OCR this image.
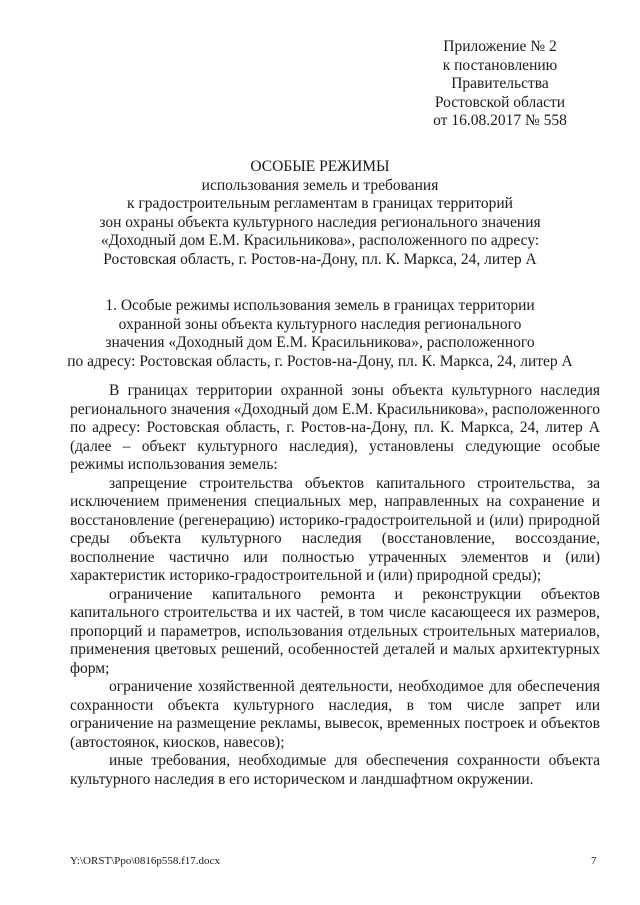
Приложение № 2
к постановлению
Правительства
Ростовской области
от 16.08.2017 № 558
ОСОБЫЕ РЕЖИМЫ
использования земель и требования
к градостроительным регламентам в границах территорий
зон охраны объекта культурного наследия регионального значения
«Доходный дом Е.М. Красильникова», расположенного по адресу:
Ростовская область, г. Ростов-на-Дону, пл. К. Маркса, 24, литер А
1. Особые режимы использования земель в границах территории
охранной зоны объекта культурного наследия регионального
значения «Доходный дом Е.М. Красильникова», расположенного
по адресу: Ростовская область, г. Ростов-на-Дону, пл. К. Маркса, 24, литер А

В границах территории охранной зоны объекта культурного наследия регионального значения «Доходный дом Е.М. Красильникова», расположенного по адресу: Ростовская область, г. Ростов-на-Дону, пл. К. Маркса, 24, литер А (далее – объект культурного наследия), установлены следующие особые режимы использования земель:

запрещение строительства объектов капитального строительства, за исключением применения специальных мер, направленных на сохранение и восстановление (регенерацию) историко-градостроительной и (или) природной среды объекта культурного наследия (восстановление, воссоздание, восполнение частично или полностью утраченных элементов и (или) характеристик историко-градостроительной и (или) природной среды);

ограничение капитального ремонта и реконструкции объектов капитального строительства и их частей, в том числе касающееся их размеров, пропорций и параметров, использования отдельных строительных материалов, применения цветовых решений, особенностей деталей и малых архитектурных форм;

ограничение хозяйственной деятельности, необходимое для обеспечения сохранности объекта культурного наследия, в том числе запрет или ограничение на размещение рекламы, вывесок, временных построек и объектов (автостоянок, киосков, навесов);

иные требования, необходимые для обеспечения сохранности объекта культурного наследия в его историческом и ландшафтном окружении.

Y:\ORST\Ppo\0816p558.f17.docx	7
